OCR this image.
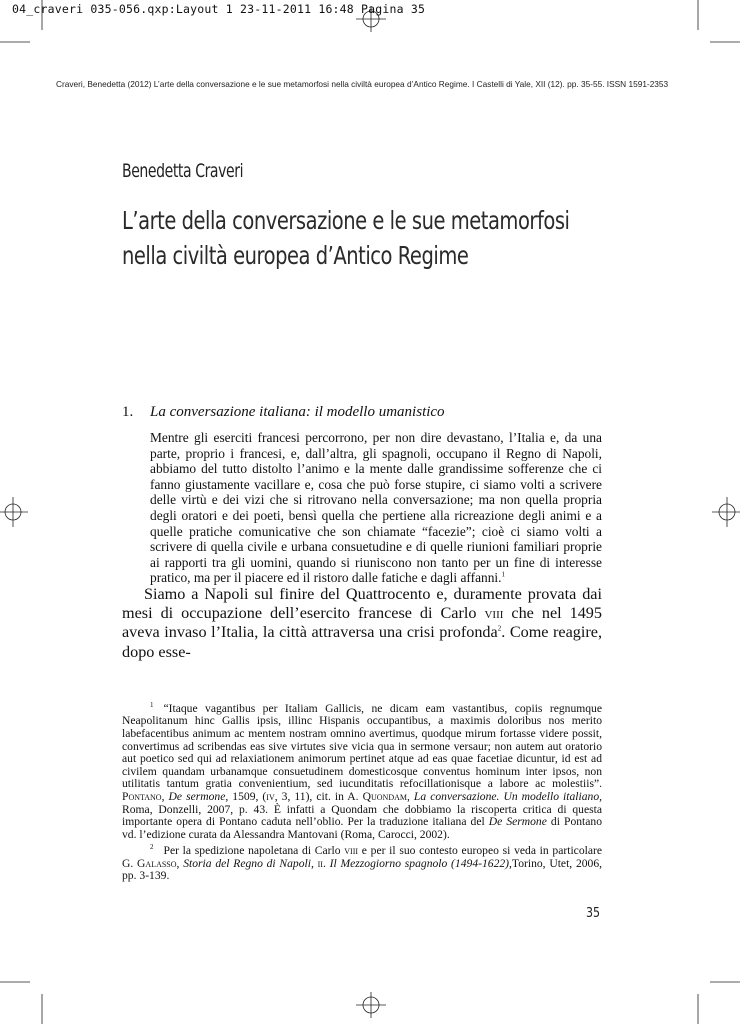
04_craveri 035-056.qxp:Layout 1 23-11-2011 16:48 Pagina 35
Craveri, Benedetta (2012) L’arte della conversazione e le sue metamorfosi nella civiltà europea d’Antico Regime. I Castelli di Yale, XII (12). pp. 35-55. ISSN 1591-2353
Benedetta Craveri
L’arte della conversazione e le sue metamorfosi
nella civiltà europea d’Antico Regime
1. La conversazione italiana: il modello umanistico
Mentre gli eserciti francesi percorrono, per non dire devastano, l’Italia e, da una parte, proprio i francesi, e, dall’altra, gli spagnoli, occupano il Regno di Napoli, abbiamo del tutto distolto l’animo e la mente dalle grandissime sofferenze che ci fanno giustamente vacillare e, cosa che può forse stupire, ci siamo volti a scrivere delle virtù e dei vizi che si ritrovano nella conversazione; ma non quella propria degli oratori e dei poeti, bensì quella che pertiene alla ricreazione degli animi e a quelle pratiche comunicative che son chiamate “facezie”; cioè ci siamo volti a scrivere di quella civile e urbana consuetudine e di quelle riunioni familiari proprie ai rapporti tra gli uomini, quando si riuniscono non tanto per un fine di interesse pratico, ma per il piacere ed il ristoro dalle fatiche e dagli affanni.$^1$
Siamo a Napoli sul finire del Quattrocento e, duramente provata dai mesi di occupazione dell’esercito francese di Carlo viii che nel 1495 aveva invaso l’Italia, la città attraversa una crisi profonda$^2$. Come reagire, dopo esse-

$^1$ “Itaque vagantibus per Italiam Gallicis, ne dicam eam vastantibus, copiis regnumque Neapolitanum hinc Gallis ipsis, illinc Hispanis occupantibus, a maximis doloribus nos merito labefacentibus animum ac mentem nostram omnino avertimus, quodque mirum fortasse videre possit, convertimus ad scribendas eas sive virtutes sive vicia qua in sermone versaur; non autem aut oratorio aut poetico sed qui ad relaxiationem animorum pertinet atque ad eas quae facetiae dicuntur, id est ad civilem quandam urbanamque consuetudinem domesticosque conventus hominum inter ipsos, non utilitatis tantum gratia convenientium, sed iucunditatis refocillationisque a labore ac molestiis”. Pontano, De sermone, 1509, (iv, 3, 11), cit. in A. Quondam, La conversazione. Un modello italiano, Roma, Donzelli, 2007, p. 43. È infatti a Quondam che dobbiamo la riscoperta critica di questa importante opera di Pontano caduta nell’oblio. Per la traduzione italiana del De Sermone di Pontano vd. l’edizione curata da Alessandra Mantovani (Roma, Carocci, 2002).

$^2$ Per la spedizione napoletana di Carlo viii e per il suo contesto europeo si veda in particolare G. Galasso, Storia del Regno di Napoli, ii. Il Mezzogiorno spagnolo (1494-1622),Torino, Utet, 2006, pp. 3-139.

35
